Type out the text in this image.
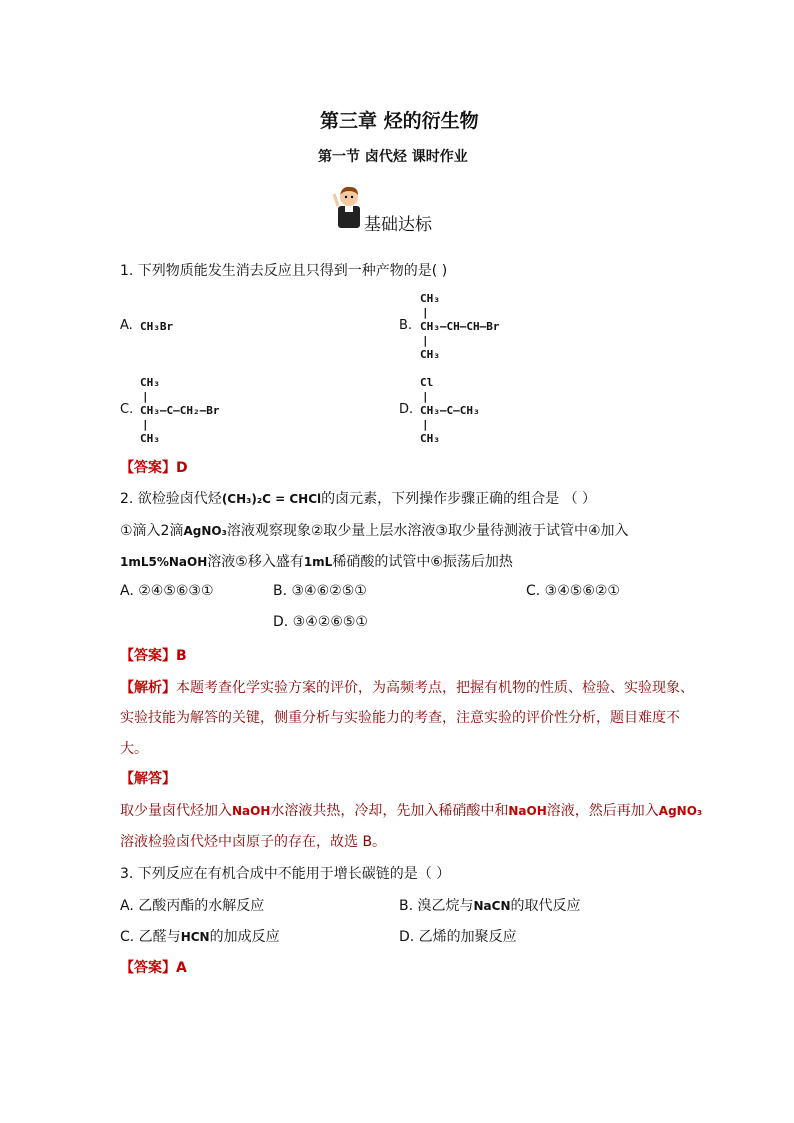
第三章 烃的衍生物
第一节 卤代烃 课时作业
基础达标
1. 下列物质能发生消去反应且只得到一种产物的是( )
A. CH₃Br	B.
CH₃
|
CH₃–CH–CH–Br
|
CH₃
C.
CH₃
|
CH₃–C–CH₂–Br
|
CH₃
D.
Cl
|
CH₃–C–CH₃
|
CH₃
【答案】D
2. 欲检验卤代烃(CH₃)₂C = CHCl的卤元素，下列操作步骤正确的组合是 （ ）
①滴入2滴AgNO₃溶液观察现象②取少量上层水溶液③取少量待测液于试管中④加入
1mL5%NaOH溶液⑤移入盛有1mL稀硝酸的试管中⑥振荡后加热
A. ②④⑤⑥③①	B. ③④⑥②⑤①	C. ③④⑤⑥②①
D. ③④②⑥⑤①
【答案】B
【解析】本题考查化学实验方案的评价，为高频考点，把握有机物的性质、检验、实验现象、
实验技能为解答的关键，侧重分析与实验能力的考查，注意实验的评价性分析，题目难度不
大。
【解答】
取少量卤代烃加入NaOH水溶液共热，冷却，先加入稀硝酸中和NaOH溶液，然后再加入AgNO₃
溶液检验卤代烃中卤原子的存在，故选 B。
3. 下列反应在有机合成中不能用于增长碳链的是（ ）
A. 乙酸丙酯的水解反应	B. 溴乙烷与NaCN的取代反应
C. 乙醛与HCN的加成反应	D. 乙烯的加聚反应
【答案】A
